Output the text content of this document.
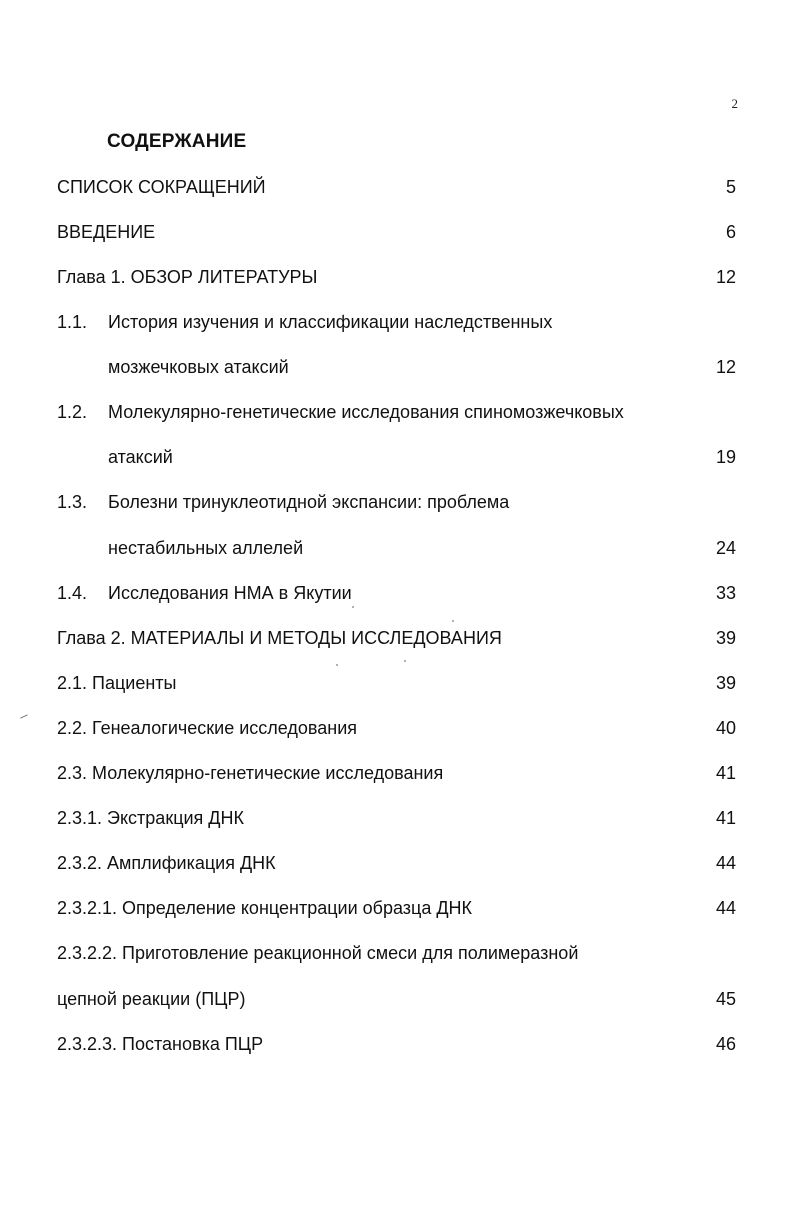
2
СОДЕРЖАНИЕ
СПИСОК СОКРАЩЕНИЙ	5
ВВЕДЕНИЕ	6
Глава 1. ОБЗОР ЛИТЕРАТУРЫ	12
1.1. История изучения и классификации наследственных
мозжечковых атаксий	12
1.2. Молекулярно-генетические исследования спиномозжечковых
атаксий	19
1.3. Болезни тринуклеотидной экспансии: проблема
нестабильных аллелей	24
1.4. Исследования НМА в Якутии	33
Глава 2. МАТЕРИАЛЫ И МЕТОДЫ ИССЛЕДОВАНИЯ	39
2.1. Пациенты	39
2.2. Генеалогические исследования	40
2.3. Молекулярно-генетические исследования	41
2.3.1. Экстракция ДНК	41
2.3.2. Амплификация ДНК	44
2.3.2.1. Определение концентрации образца ДНК	44
2.3.2.2. Приготовление реакционной смеси для полимеразной
цепной реакции (ПЦР)	45
2.3.2.3. Постановка ПЦР	46
